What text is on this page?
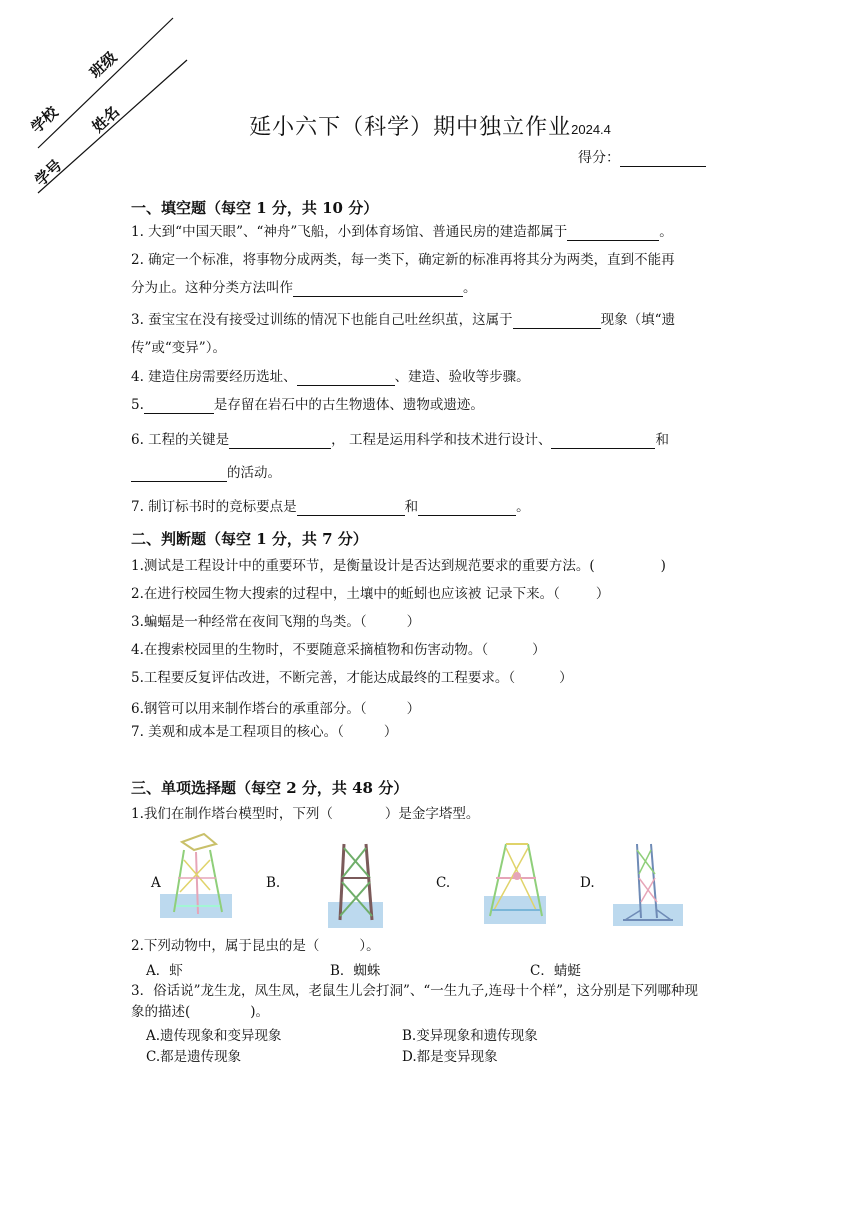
学校  班级
学号  姓名	延小六下（科学）期中独立作业2024.4
得分：
一、填空题（每空 1 分，共 10 分）
1. 大到“中国天眼”、“神舟”飞船，小到体育场馆、普通民房的建造都属于	。
2. 确定一个标准，将事物分成两类，每一类下，确定新的标准再将其分为两类，直到不能再
分为止。这种分类方法叫作	。
3. 蚕宝宝在没有接受过训练的情况下也能自己吐丝织茧，这属于	现象（填“遗
传”或“变异”）。
4. 建造住房需要经历选址、	、建造、验收等步骤。
5.	是存留在岩石中的古生物遗体、遗物或遗迹。
6. 工程的关键是	， 工程是运用科学和技术进行设计、	和
的活动。
7. 制订标书时的竞标要点是	和	。
二、判断题（每空 1 分，共 7 分）
1.测试是工程设计中的重要环节，是衡量设计是否达到规范要求的重要方法。(	)
2.在进行校园生物大搜索的过程中，土壤中的蚯蚓也应该被 记录下来。（	）
3.蝙蝠是一种经常在夜间飞翔的鸟类。（	）
4.在搜索校园里的生物时，不要随意采摘植物和伤害动物。（	）
5.工程要反复评估改进，不断完善，才能达成最终的工程要求。（	）
6.钢管可以用来制作塔台的承重部分。（	）
7. 美观和成本是工程项目的核心。（	）
三、单项选择题（每空 2 分，共 48 分）
1.我们在制作塔台模型时，下列（	）是金字塔型。
A	B.	C.	D.
2.下列动物中，属于昆虫的是（	）。
A．虾	B．蜘蛛	C．蜻蜓
3．俗话说”龙生龙，凤生凤，老鼠生儿会打洞”、“一生九子,连母十个样”，这分别是下列哪种现
象的描述(	)。
A.遗传现象和变异现象	B.变异现象和遗传现象
C.都是遗传现象	D.都是变异现象
